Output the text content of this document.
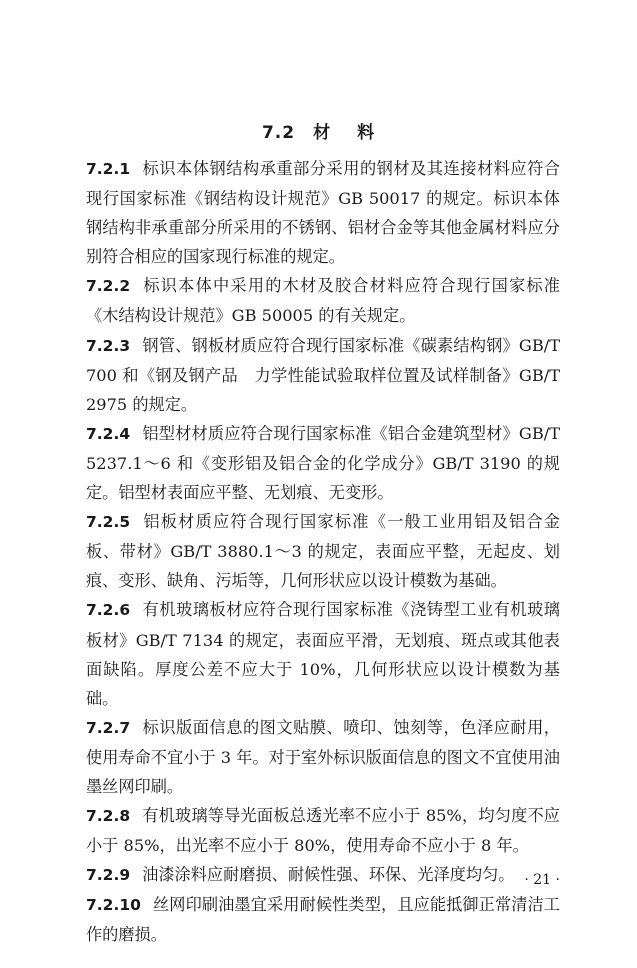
7.2 材 料

7.2.1 标识本体钢结构承重部分采用的钢材及其连接材料应符合现行国家标准《钢结构设计规范》GB 50017 的规定。标识本体钢结构非承重部分所采用的不锈钢、铝材合金等其他金属材料应分别符合相应的国家现行标准的规定。

7.2.2 标识本体中采用的木材及胶合材料应符合现行国家标准《木结构设计规范》GB 50005 的有关规定。

7.2.3 钢管、钢板材质应符合现行国家标准《碳素结构钢》GB/T 700 和《钢及钢产品　力学性能试验取样位置及试样制备》GB/T 2975 的规定。

7.2.4 铝型材材质应符合现行国家标准《铝合金建筑型材》GB/T 5237.1～6 和《变形铝及铝合金的化学成分》GB/T 3190 的规定。铝型材表面应平整、无划痕、无变形。

7.2.5 铝板材质应符合现行国家标准《一般工业用铝及铝合金板、带材》GB/T 3880.1～3 的规定，表面应平整，无起皮、划痕、变形、缺角、污垢等，几何形状应以设计模数为基础。

7.2.6 有机玻璃板材应符合现行国家标准《浇铸型工业有机玻璃板材》GB/T 7134 的规定，表面应平滑，无划痕、斑点或其他表面缺陷。厚度公差不应大于 10%，几何形状应以设计模数为基础。

7.2.7 标识版面信息的图文贴膜、喷印、蚀刻等，色泽应耐用，使用寿命不宜小于 3 年。对于室外标识版面信息的图文不宜使用油墨丝网印刷。

7.2.8 有机玻璃等导光面板总透光率不应小于 85%，均匀度不应小于 85%，出光率不应小于 80%，使用寿命不应小于 8 年。

7.2.9 油漆涂料应耐磨损、耐候性强、环保、光泽度均匀。

7.2.10 丝网印刷油墨宜采用耐候性类型，且应能抵御正常清洁工作的磨损。

· 21 ·
